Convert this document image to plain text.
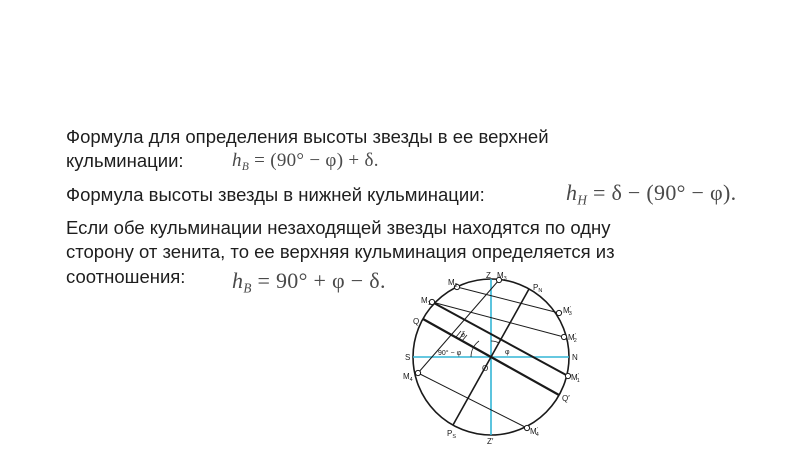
Формула для определения высоты звезды в ее верхней
кульминации:	$h_B = (90^\circ - \varphi) + \delta$.
Формула высоты звезды в нижней кульминации:	$h_H = \delta - (90^\circ - \varphi)$.
Если обе кульминации незаходящей звезды находятся по одну
сторону от зенита, то ее верхняя кульминация определяется из
соотношения: $h_B = 90^\circ + \varphi - \delta$.	Z $M_3$
$P_N$
$M_2$
$M_1$
Q
M′ 3
M′ 2
S	N
O
$M_4$	M′ 1
Q′
$P_S$	Z′
M′ 4
90° − φ	φ
δ
